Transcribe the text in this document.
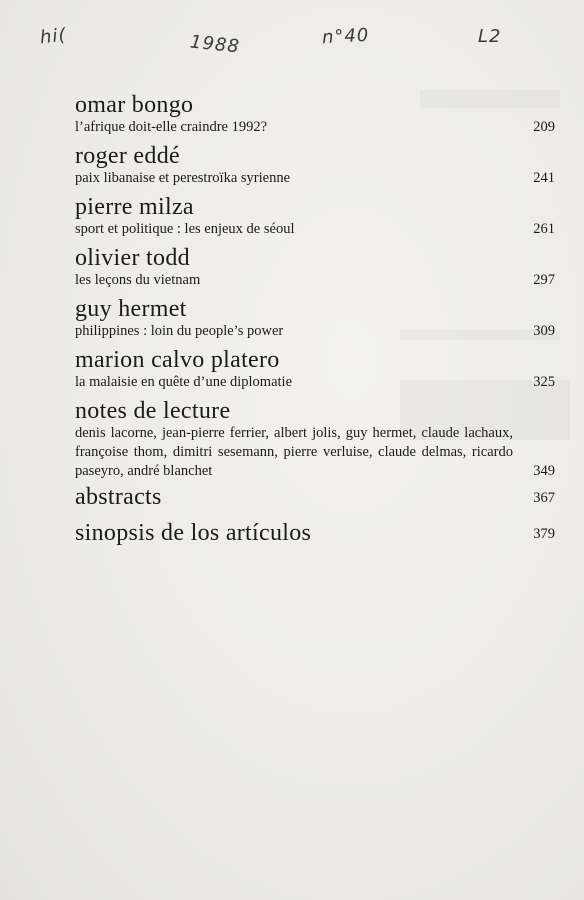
hi(	1988	n°40	L2
omar bongo
l’afrique doit-elle craindre 1992?	209
roger eddé
paix libanaise et perestroïka syrienne	241
pierre milza
sport et politique : les enjeux de séoul	261
olivier todd
les leçons du vietnam	297
guy hermet
philippines : loin du people’s power	309
marion calvo platero
la malaisie en quête d’une diplomatie	325
notes de lecture
denis lacorne, jean-pierre ferrier, albert jolis, guy hermet, claude lachaux, françoise thom, dimitri sesemann, pierre verluise, claude delmas, ricardo paseyro, andré blanchet	349
abstracts	367
sinopsis de los artículos	379
